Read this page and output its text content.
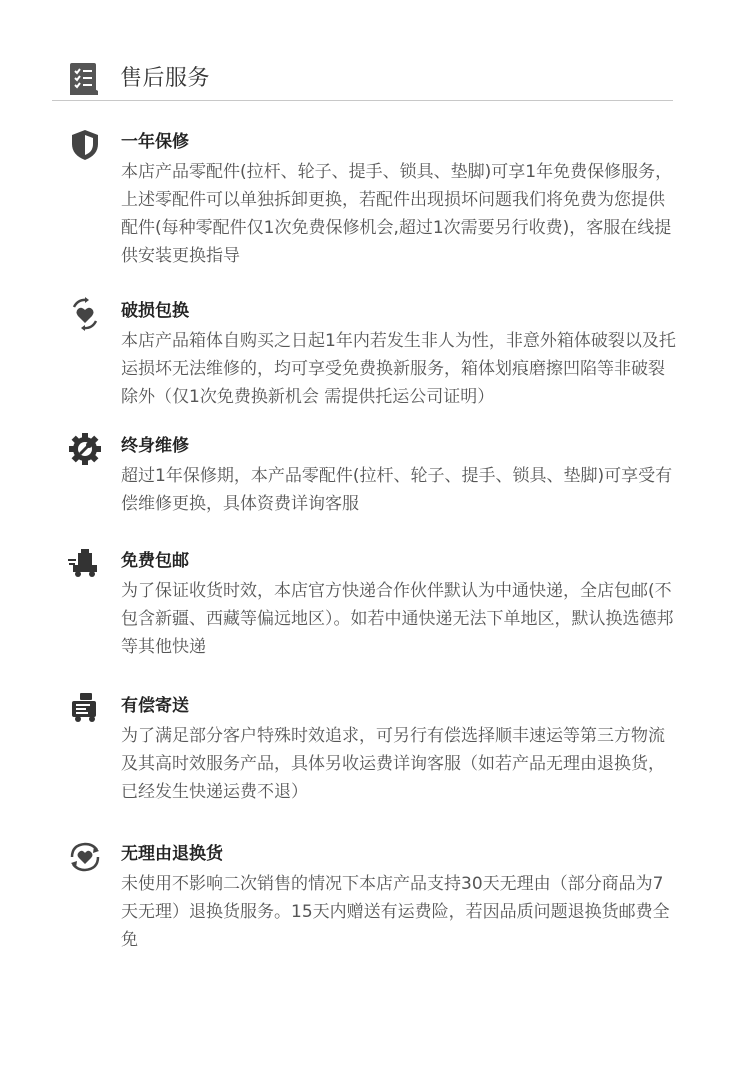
售后服务
一年保修
本店产品零配件(拉杆、轮子、提手、锁具、垫脚)可享1年免费保修服务，上述零配件可以单独拆卸更换，若配件出现损坏问题我们将免费为您提供配件(每种零配件仅1次免费保修机会,超过1次需要另行收费)，客服在线提供安装更换指导
破损包换
本店产品箱体自购买之日起1年内若发生非人为性，非意外箱体破裂以及托运损坏无法维修的，均可享受免费换新服务，箱体划痕磨擦凹陷等非破裂除外（仅1次免费换新机会 需提供托运公司证明）
终身维修
超过1年保修期，本产品零配件(拉杆、轮子、提手、锁具、垫脚)可享受有偿维修更换，具体资费详询客服
免费包邮
为了保证收货时效，本店官方快递合作伙伴默认为中通快递，全店包邮(不包含新疆、西藏等偏远地区）。如若中通快递无法下单地区，默认换选德邦等其他快递
有偿寄送
为了满足部分客户特殊时效追求，可另行有偿选择顺丰速运等第三方物流及其高时效服务产品，具体另收运费详询客服（如若产品无理由退换货，已经发生快递运费不退）
无理由退换货
未使用不影响二次销售的情况下本店产品支持30天无理由（部分商品为7天无理）退换货服务。15天内赠送有运费险，若因品质问题退换货邮费全免
